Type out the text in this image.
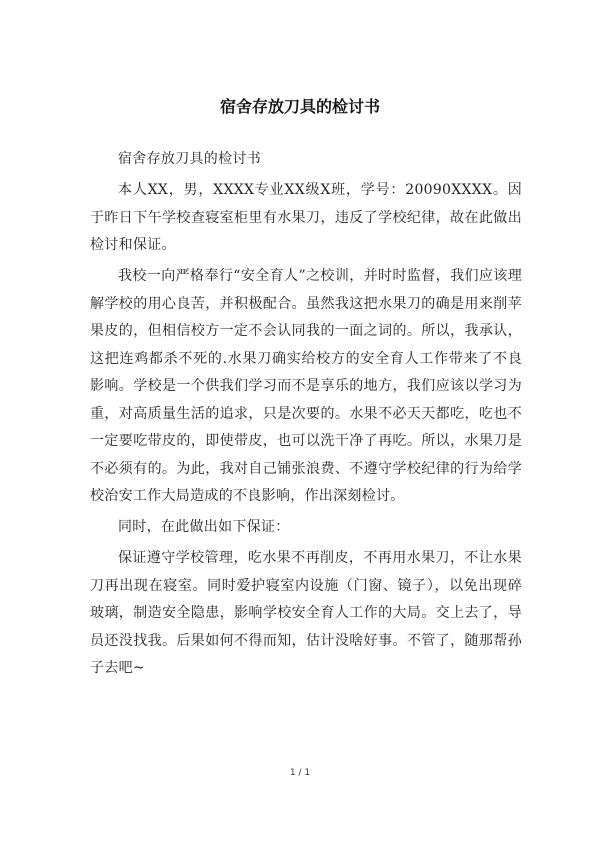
宿舍存放刀具的检讨书

宿舍存放刀具的检讨书

本人XX，男，XXXX专业XX级X班，学号：20090XXXX。因于昨日下午学校查寝室柜里有水果刀，违反了学校纪律，故在此做出检讨和保证。

我校一向严格奉行“安全育人”之校训，并时时监督，我们应该理解学校的用心良苦，并积极配合。虽然我这把水果刀的确是用来削苹果皮的，但相信校方一定不会认同我的一面之词的。所以，我承认，这把连鸡都杀不死的.水果刀确实给校方的安全育人工作带来了不良影响。学校是一个供我们学习而不是享乐的地方，我们应该以学习为重，对高质量生活的追求，只是次要的。水果不必天天都吃，吃也不一定要吃带皮的，即使带皮，也可以洗干净了再吃。所以，水果刀是不必须有的。为此，我对自己铺张浪费、不遵守学校纪律的行为给学校治安工作大局造成的不良影响，作出深刻检讨。

同时，在此做出如下保证：

保证遵守学校管理，吃水果不再削皮，不再用水果刀，不让水果刀再出现在寝室。同时爱护寝室内设施（门窗、镜子），以免出现碎玻璃，制造安全隐患，影响学校安全育人工作的大局。交上去了，导员还没找我。后果如何不得而知，估计没啥好事。不管了，随那帮孙子去吧~

1 / 1
